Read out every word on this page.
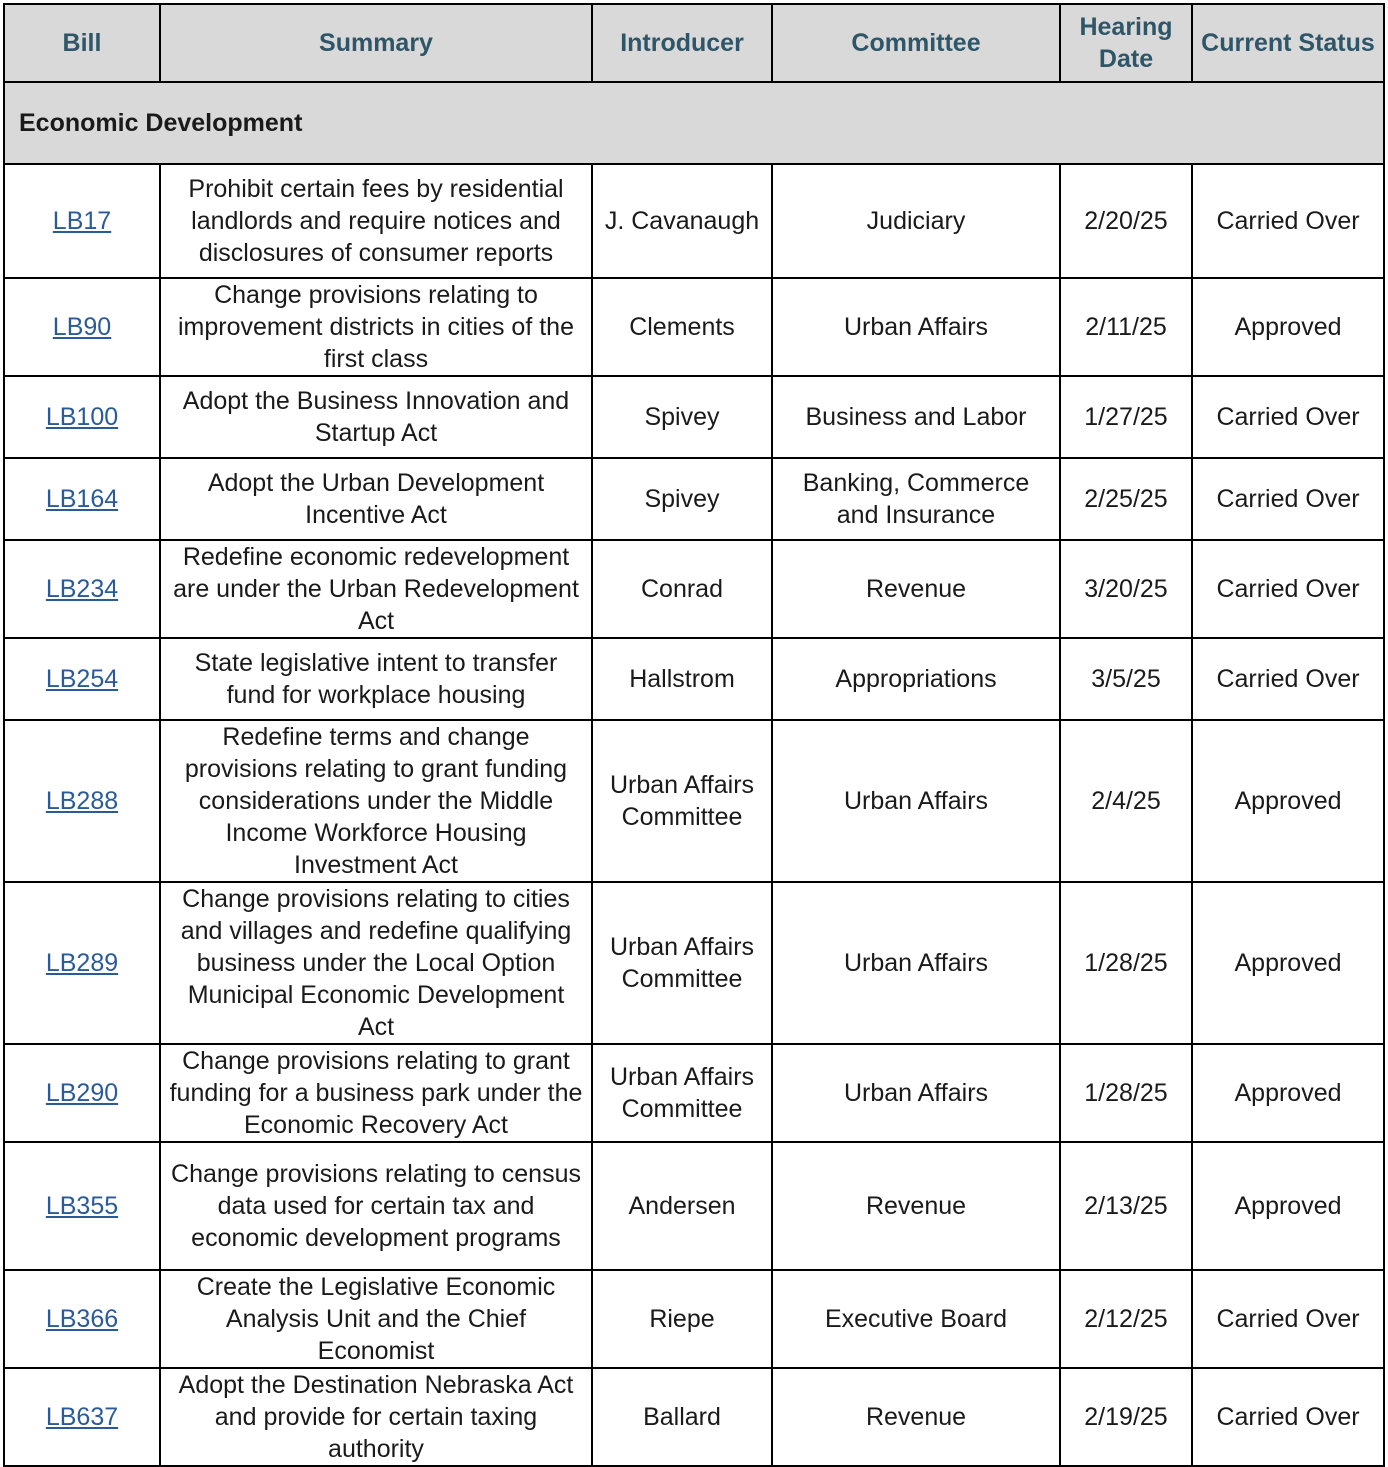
Bill	Summary	Introducer	Committee	Hearing Date	Current Status
Economic Development					
LB17	Prohibit certain fees by residential landlords and require notices and disclosures of consumer reports	J. Cavanaugh	Judiciary	2/20/25	Carried Over
LB90	Change provisions relating to improvement districts in cities of the first class	Clements	Urban Affairs	2/11/25	Approved
LB100	Adopt the Business Innovation and Startup Act	Spivey	Business and Labor	1/27/25	Carried Over
LB164	Adopt the Urban Development Incentive Act	Spivey	Banking, Commerce and Insurance	2/25/25	Carried Over
LB234	Redefine economic redevelopment are under the Urban Redevelopment Act	Conrad	Revenue	3/20/25	Carried Over
LB254	State legislative intent to transfer fund for workplace housing	Hallstrom	Appropriations	3/5/25	Carried Over
LB288	Redefine terms and change provisions relating to grant funding considerations under the Middle Income Workforce Housing Investment Act	Urban Affairs Committee	Urban Affairs	2/4/25	Approved
LB289	Change provisions relating to cities and villages and redefine qualifying business under the Local Option Municipal Economic Development Act	Urban Affairs Committee	Urban Affairs	1/28/25	Approved
LB290	Change provisions relating to grant funding for a business park under the Economic Recovery Act	Urban Affairs Committee	Urban Affairs	1/28/25	Approved
LB355	Change provisions relating to census data used for certain tax and economic development programs	Andersen	Revenue	2/13/25	Approved
LB366	Create the Legislative Economic Analysis Unit and the Chief Economist	Riepe	Executive Board	2/12/25	Carried Over
LB637	Adopt the Destination Nebraska Act and provide for certain taxing authority	Ballard	Revenue	2/19/25	Carried Over
